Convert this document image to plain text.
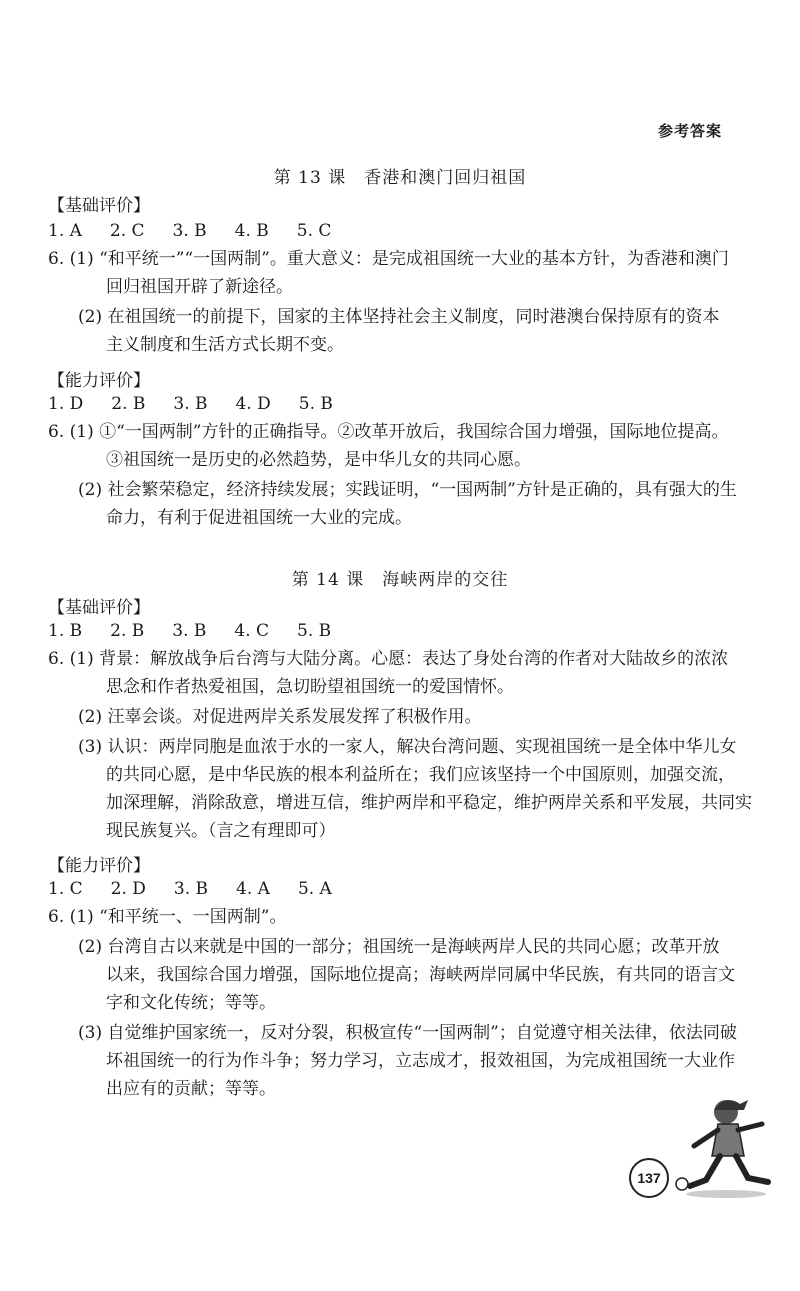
参考答案
第 13 课　香港和澳门回归祖国
【基础评价】
1. A 2. C 3. B 4. B 5. C
6. (1) “和平统一”“一国两制”。重大意义：是完成祖国统一大业的基本方针，为香港和澳门
回归祖国开辟了新途径。
(2) 在祖国统一的前提下，国家的主体坚持社会主义制度，同时港澳台保持原有的资本
主义制度和生活方式长期不变。
【能力评价】
1. D 2. B 3. B 4. D 5. B
6. (1) ①“一国两制”方针的正确指导。②改革开放后，我国综合国力增强，国际地位提高。
③祖国统一是历史的必然趋势，是中华儿女的共同心愿。
(2) 社会繁荣稳定，经济持续发展；实践证明，“一国两制”方针是正确的，具有强大的生
命力，有利于促进祖国统一大业的完成。
第 14 课　海峡两岸的交往
【基础评价】
1. B 2. B 3. B 4. C 5. B
6. (1) 背景：解放战争后台湾与大陆分离。心愿：表达了身处台湾的作者对大陆故乡的浓浓
思念和作者热爱祖国，急切盼望祖国统一的爱国情怀。
(2) 汪辜会谈。对促进两岸关系发展发挥了积极作用。
(3) 认识：两岸同胞是血浓于水的一家人，解决台湾问题、实现祖国统一是全体中华儿女
的共同心愿，是中华民族的根本利益所在；我们应该坚持一个中国原则，加强交流，
加深理解，消除敌意，增进互信，维护两岸和平稳定，维护两岸关系和平发展，共同实
现民族复兴。（言之有理即可）
【能力评价】
1. C 2. D 3. B 4. A 5. A
6. (1) “和平统一、一国两制”。
(2) 台湾自古以来就是中国的一部分；祖国统一是海峡两岸人民的共同心愿；改革开放
以来，我国综合国力增强，国际地位提高；海峡两岸同属中华民族，有共同的语言文
字和文化传统；等等。
(3) 自觉维护国家统一，反对分裂，积极宣传“一国两制”；自觉遵守相关法律，依法同破
坏祖国统一的行为作斗争；努力学习，立志成才，报效祖国，为完成祖国统一大业作
出应有的贡献；等等。
137
